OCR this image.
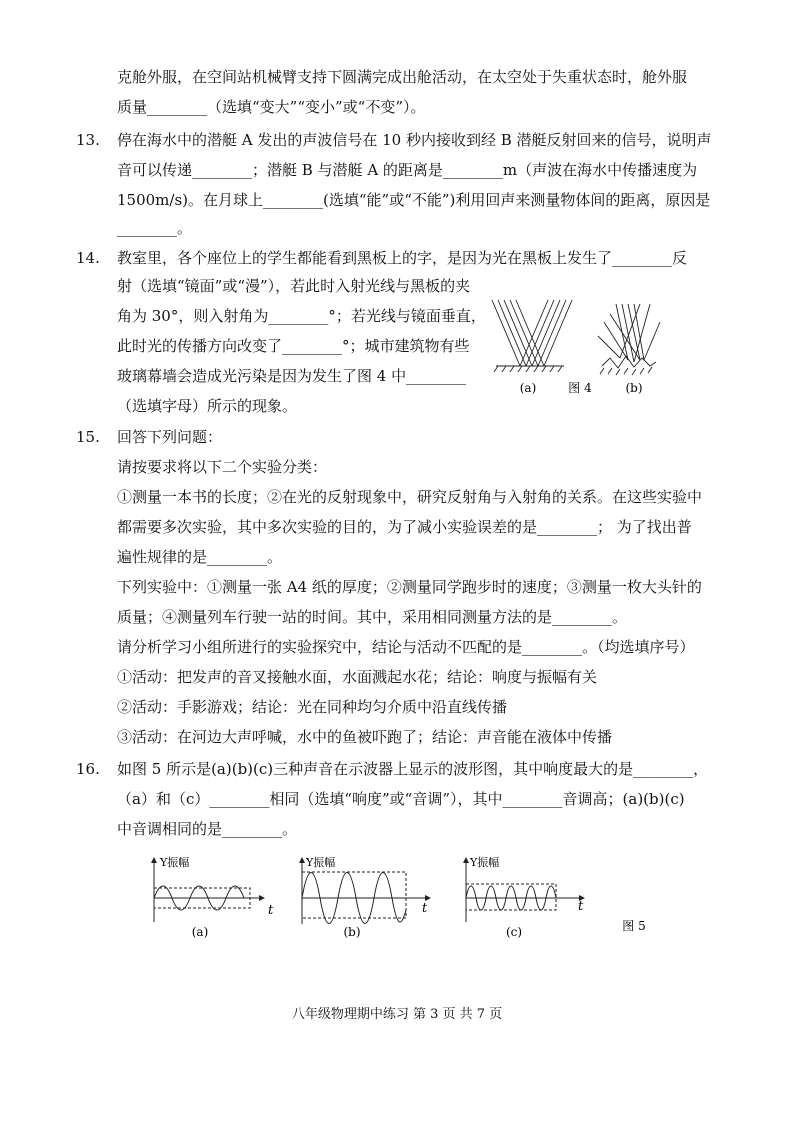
克舱外服，在空间站机械臂支持下圆满完成出舱活动，在太空处于失重状态时，舱外服
质量________（选填“变大”“变小”或“不变”）。
13. 停在海水中的潜艇 A 发出的声波信号在 10 秒内接收到经 B 潜艇反射回来的信号，说明声
音可以传递________；潜艇 B 与潜艇 A 的距离是________m（声波在海水中传播速度为
1500m/s)。在月球上________(选填“能”或“不能”)利用回声来测量物体间的距离，原因是
________。
14. 教室里，各个座位上的学生都能看到黑板上的字，是因为光在黑板上发生了________反
射（选填“镜面”或“漫”），若此时入射光线与黑板的夹
角为 30°，则入射角为________°；若光线与镜面垂直，
此时光的传播方向改变了________°；城市建筑物有些
玻璃幕墙会造成光污染是因为发生了图 4 中________
（选填字母）所示的现象。
(a)	图 4	(b)
15. 回答下列问题：
请按要求将以下二个实验分类：
①测量一本书的长度；②在光的反射现象中，研究反射角与入射角的关系。在这些实验中
都需要多次实验，其中多次实验的目的，为了减小实验误差的是________； 为了找出普
遍性规律的是________。
下列实验中：①测量一张 A4 纸的厚度；②测量同学跑步时的速度；③测量一枚大头针的
质量；④测量列车行驶一站的时间。其中，采用相同测量方法的是________。
请分析学习小组所进行的实验探究中，结论与活动不匹配的是________。（均选填序号）
①活动：把发声的音叉接触水面，水面溅起水花；结论：响度与振幅有关
②活动：手影游戏；结论：光在同种均匀介质中沿直线传播
③活动：在河边大声呼喊，水中的鱼被吓跑了；结论：声音能在液体中传播
16. 如图 5 所示是(a)(b)(c)三种声音在示波器上显示的波形图，其中响度最大的是________，
（a）和（c）________相同（选填“响度”或“音调”），其中________音调高；(a)(b)(c)
中音调相同的是________。
Y振幅
t
(a)
Y振幅
t
(b)
Y振幅
t
(c)	图 5
八年级物理期中练习 第 3 页 共 7 页
